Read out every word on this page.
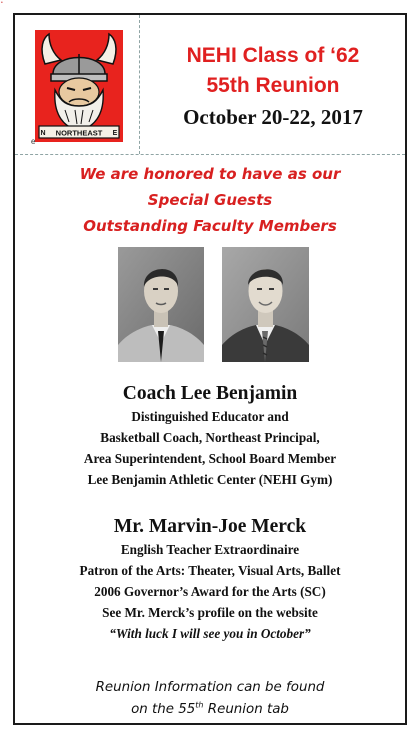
•
NORTHEAST
N	E
e
NEHI Class of ‘62
55th Reunion
October 20-22, 2017
We are honored to have as our
Special Guests
Outstanding Faculty Members
Coach Lee Benjamin
Distinguished Educator and
Basketball Coach, Northeast Principal,
Area Superintendent, School Board Member
Lee Benjamin Athletic Center (NEHI Gym)
Mr. Marvin-Joe Merck
English Teacher Extraordinaire
Patron of the Arts: Theater, Visual Arts, Ballet
2006 Governor’s Award for the Arts (SC)
See Mr. Merck’s profile on the website
“With luck I will see you in October”
Reunion Information can be found
on the 55th Reunion tab
